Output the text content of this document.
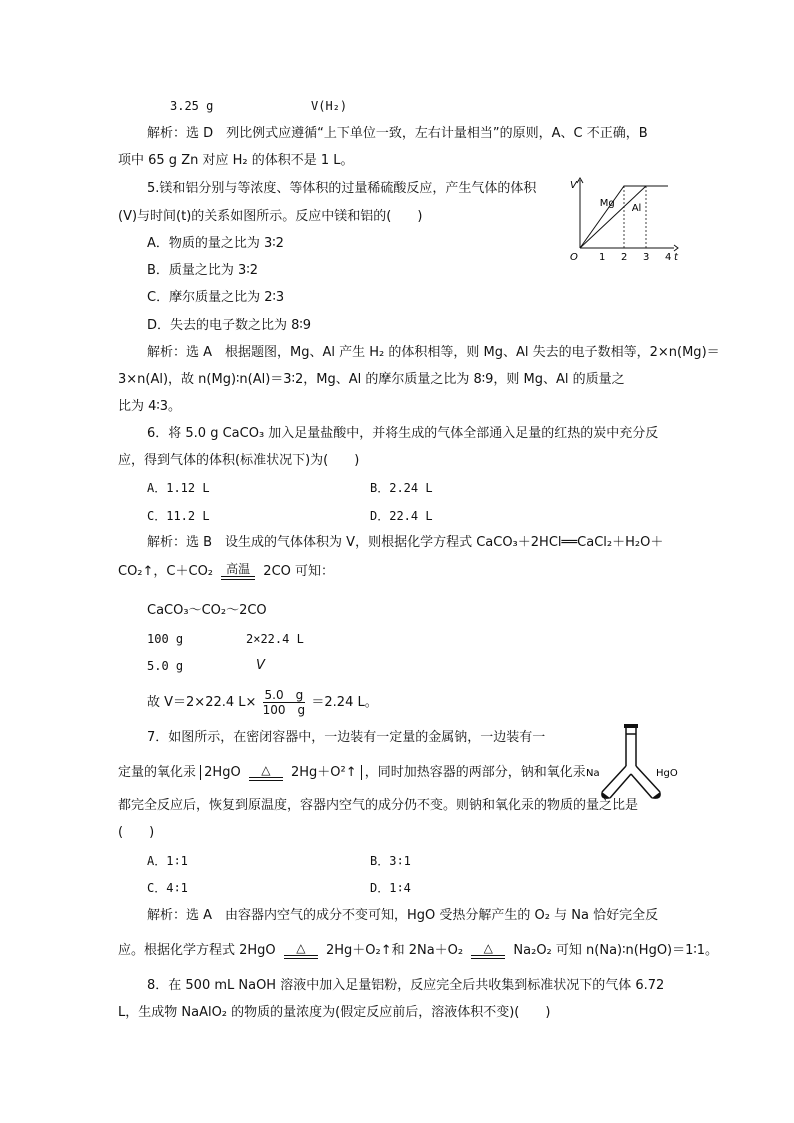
3.25 g	V(H₂)
解析：选 D　列比例式应遵循“上下单位一致，左右计量相当”的原则，A、C 不正确，B
项中 65 g Zn 对应 H₂ 的体积不是 1 L。
5.镁和铝分别与等浓度、等体积的过量稀硫酸反应，产生气体的体积
(V)与时间(t)的关系如图所示。反应中镁和铝的(　　)
A．物质的量之比为 3∶2
B．质量之比为 3∶2
C．摩尔质量之比为 2∶3
D．失去的电子数之比为 8∶9
解析：选 A　根据题图，Mg、Al 产生 H₂ 的体积相等，则 Mg、Al 失去的电子数相等，2×n(Mg)＝
3×n(Al)，故 n(Mg)∶n(Al)＝3∶2，Mg、Al 的摩尔质量之比为 8∶9，则 Mg、Al 的质量之
比为 4∶3。
V
t
O 1 2 3 4
Mg Al
6．将 5.0 g CaCO₃ 加入足量盐酸中，并将生成的气体全部通入足量的红热的炭中充分反
应，得到气体的体积(标准状况下)为(　　)
A．1.12 L	B．2.24 L
C．11.2 L	D．22.4 L
解析：选 B　设生成的气体体积为 V，则根据化学方程式 CaCO₃＋2HCl══CaCl₂＋H₂O＋
CO₂↑，C＋CO₂	高温	2CO 可知：
CaCO₃～CO₂～2CO
100 g	2×22.4 L
5.0 g	V
故 V＝2×22.4 $L\times \frac{5.0 g}{100 g} =2.24$ L。
7．如图所示，在密闭容器中，一边装有一定量的金属钠，一边装有一
定量的氧化汞 2HgO	△	2Hg＋O²↑ ，同时加热容器的两部分，钠和氧化汞
都完全反应后，恢复到原温度，容器内空气的成分仍不变。则钠和氧化汞的物质的量之比是
(　　)
A．1∶1	B．3∶1
C．4∶1	D．1∶4
解析：选 A　由容器内空气的成分不变可知，HgO 受热分解产生的 O₂ 与 Na 恰好完全反
应。根据化学方程式 2HgO	△	2Hg＋O₂↑和 2Na＋O₂	△	Na₂O₂ 可知 n(Na)∶n(HgO)＝1∶1。
Na	HgO
8．在 500 mL NaOH 溶液中加入足量铝粉，反应完全后共收集到标准状况下的气体 6.72
L，生成物 NaAlO₂ 的物质的量浓度为(假定反应前后，溶液体积不变)(　　)
